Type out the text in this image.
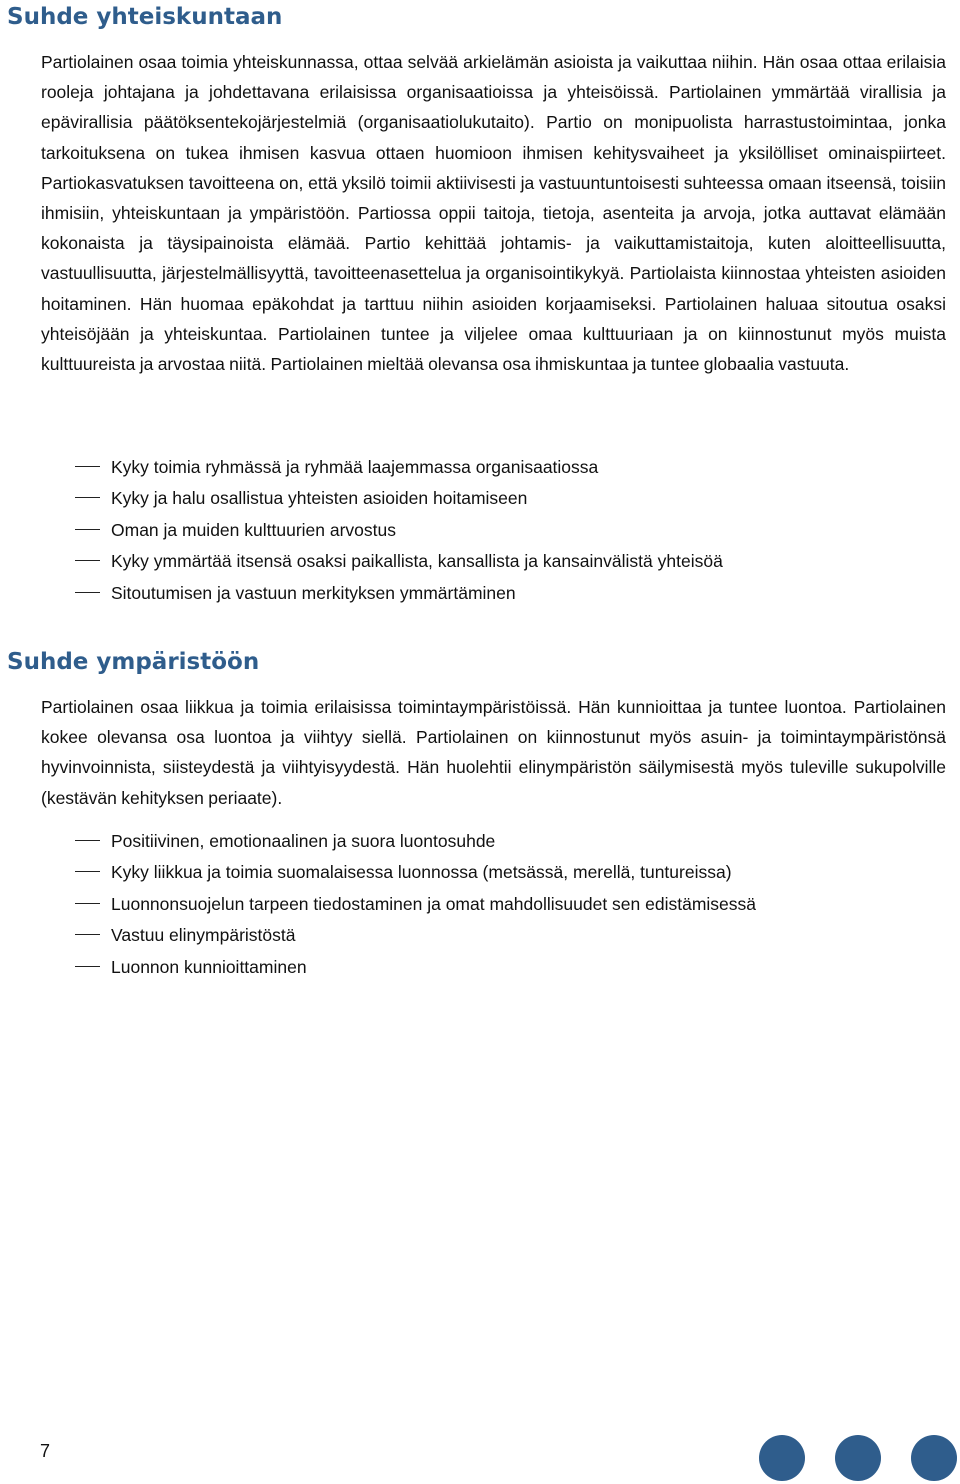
Suhde yhteiskuntaan

Partiolainen osaa toimia yhteiskunnassa, ottaa selvää arkielämän asioista ja vaikuttaa niihin. Hän osaa ottaa erilaisia rooleja johtajana ja johdettavana erilaisissa organisaatioissa ja yhteisöissä. Partiolainen ymmärtää virallisia ja epävirallisia päätöksentekojärjestelmiä (organisaatiolukutaito). Partio on monipuolista harrastustoimintaa, jonka tarkoituksena on tukea ihmisen kasvua ottaen huomioon ihmisen kehitysvaiheet ja yksilölliset ominaispiirteet. Partiokasvatuksen tavoitteena on, että yksilö toimii aktiivisesti ja vastuuntuntoisesti suhteessa omaan itseensä, toisiin ihmisiin, yhteiskuntaan ja ympäristöön. Partiossa oppii taitoja, tietoja, asenteita ja arvoja, jotka auttavat elämään kokonaista ja täysipainoista elämää. Partio kehittää johtamis- ja vaikuttamistaitoja, kuten aloitteellisuutta, vastuullisuutta, järjestelmällisyyttä, tavoitteenasettelua ja organisointikykyä. Partiolaista kiinnostaa yhteisten asioiden hoitaminen. Hän huomaa epäkohdat ja tarttuu niihin asioiden korjaamiseksi. Partiolainen haluaa sitoutua osaksi yhteisöjään ja yhteiskuntaa. Partiolainen tuntee ja viljelee omaa kulttuuriaan ja on kiinnostunut myös muista kulttuureista ja arvostaa niitä. Partiolainen mieltää olevansa osa ihmiskuntaa ja tuntee globaalia vastuuta.

Kyky toimia ryhmässä ja ryhmää laajemmassa organisaatiossa
Kyky ja halu osallistua yhteisten asioiden hoitamiseen
Oman ja muiden kulttuurien arvostus
Kyky ymmärtää itsensä osaksi paikallista, kansallista ja kansainvälistä yhteisöä
Sitoutumisen ja vastuun merkityksen ymmärtäminen
Suhde ympäristöön

Partiolainen osaa liikkua ja toimia erilaisissa toimintaympäristöissä. Hän kunnioittaa ja tuntee luontoa. Partiolainen kokee olevansa osa luontoa ja viihtyy siellä. Partiolainen on kiinnostunut myös asuin- ja toimintaympäristönsä hyvinvoinnista, siisteydestä ja viihtyisyydestä. Hän huolehtii elinympäristön säilymisestä myös tuleville sukupolville (kestävän kehityksen periaate).

Positiivinen, emotionaalinen ja suora luontosuhde
Kyky liikkua ja toimia suomalaisessa luonnossa (metsässä, merellä, tuntureissa)
Luonnonsuojelun tarpeen tiedostaminen ja omat mahdollisuudet sen edistämisessä
Vastuu elinympäristöstä
Luonnon kunnioittaminen
7
